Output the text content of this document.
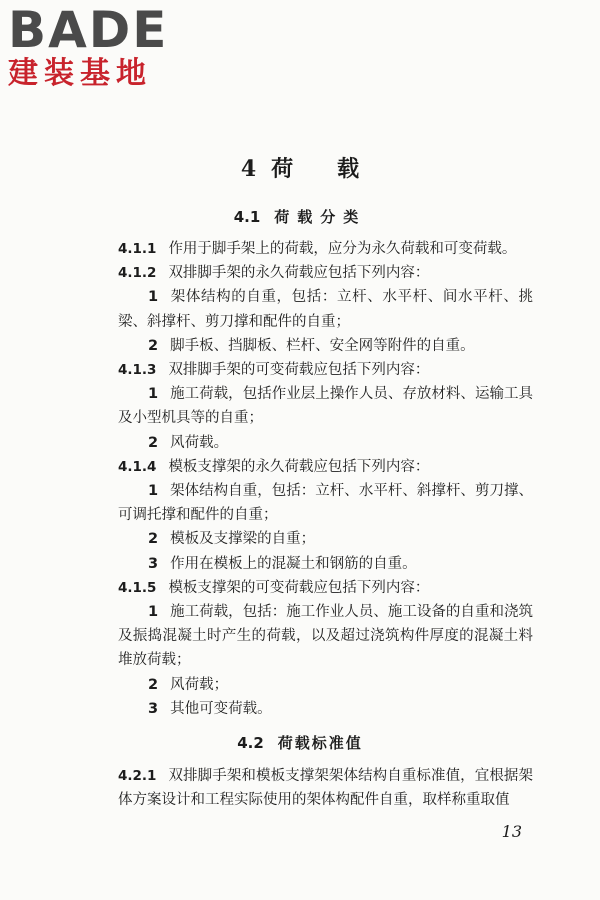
BADE
建装基地
4 荷载
4.1 荷载分类

4.1.1 作用于脚手架上的荷载，应分为永久荷载和可变荷载。

4.1.2 双排脚手架的永久荷载应包括下列内容：

1 架体结构的自重，包括：立杆、水平杆、间水平杆、挑梁、斜撑杆、剪刀撑和配件的自重；

2 脚手板、挡脚板、栏杆、安全网等附件的自重。

4.1.3 双排脚手架的可变荷载应包括下列内容：

1 施工荷载，包括作业层上操作人员、存放材料、运输工具及小型机具等的自重；

2 风荷载。

4.1.4 模板支撑架的永久荷载应包括下列内容：

1 架体结构自重，包括：立杆、水平杆、斜撑杆、剪刀撑、可调托撑和配件的自重；

2 模板及支撑梁的自重；

3 作用在模板上的混凝土和钢筋的自重。

4.1.5 模板支撑架的可变荷载应包括下列内容：

1 施工荷载，包括：施工作业人员、施工设备的自重和浇筑及振捣混凝土时产生的荷载，以及超过浇筑构件厚度的混凝土料堆放荷载；

2 风荷载；

3 其他可变荷载。

4.2 荷载标准值

4.2.1 双排脚手架和模板支撑架架体结构自重标准值，宜根据架体方案设计和工程实际使用的架体构配件自重，取样称重取值

13
